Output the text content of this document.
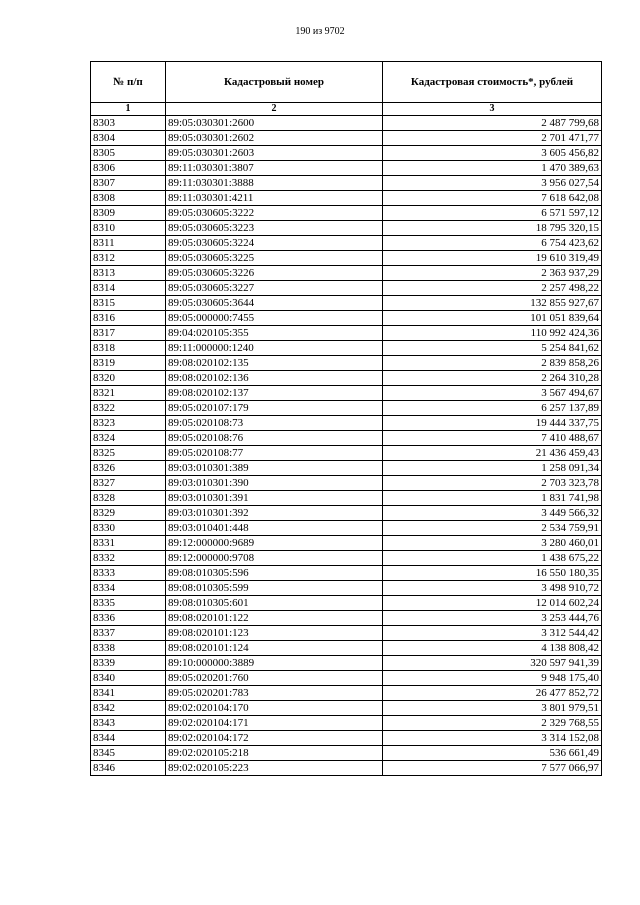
190 из 9702
№ п/п	Кадастровый номер	Кадастровая стоимость*, рублей
1	2	3
8303	89:05:030301:2600	2 487 799,68
8304	89:05:030301:2602	2 701 471,77
8305	89:05:030301:2603	3 605 456,82
8306	89:11:030301:3807	1 470 389,63
8307	89:11:030301:3888	3 956 027,54
8308	89:11:030301:4211	7 618 642,08
8309	89:05:030605:3222	6 571 597,12
8310	89:05:030605:3223	18 795 320,15
8311	89:05:030605:3224	6 754 423,62
8312	89:05:030605:3225	19 610 319,49
8313	89:05:030605:3226	2 363 937,29
8314	89:05:030605:3227	2 257 498,22
8315	89:05:030605:3644	132 855 927,67
8316	89:05:000000:7455	101 051 839,64
8317	89:04:020105:355	110 992 424,36
8318	89:11:000000:1240	5 254 841,62
8319	89:08:020102:135	2 839 858,26
8320	89:08:020102:136	2 264 310,28
8321	89:08:020102:137	3 567 494,67
8322	89:05:020107:179	6 257 137,89
8323	89:05:020108:73	19 444 337,75
8324	89:05:020108:76	7 410 488,67
8325	89:05:020108:77	21 436 459,43
8326	89:03:010301:389	1 258 091,34
8327	89:03:010301:390	2 703 323,78
8328	89:03:010301:391	1 831 741,98
8329	89:03:010301:392	3 449 566,32
8330	89:03:010401:448	2 534 759,91
8331	89:12:000000:9689	3 280 460,01
8332	89:12:000000:9708	1 438 675,22
8333	89:08:010305:596	16 550 180,35
8334	89:08:010305:599	3 498 910,72
8335	89:08:010305:601	12 014 602,24
8336	89:08:020101:122	3 253 444,76
8337	89:08:020101:123	3 312 544,42
8338	89:08:020101:124	4 138 808,42
8339	89:10:000000:3889	320 597 941,39
8340	89:05:020201:760	9 948 175,40
8341	89:05:020201:783	26 477 852,72
8342	89:02:020104:170	3 801 979,51
8343	89:02:020104:171	2 329 768,55
8344	89:02:020104:172	3 314 152,08
8345	89:02:020105:218	536 661,49
8346	89:02:020105:223	7 577 066,97
